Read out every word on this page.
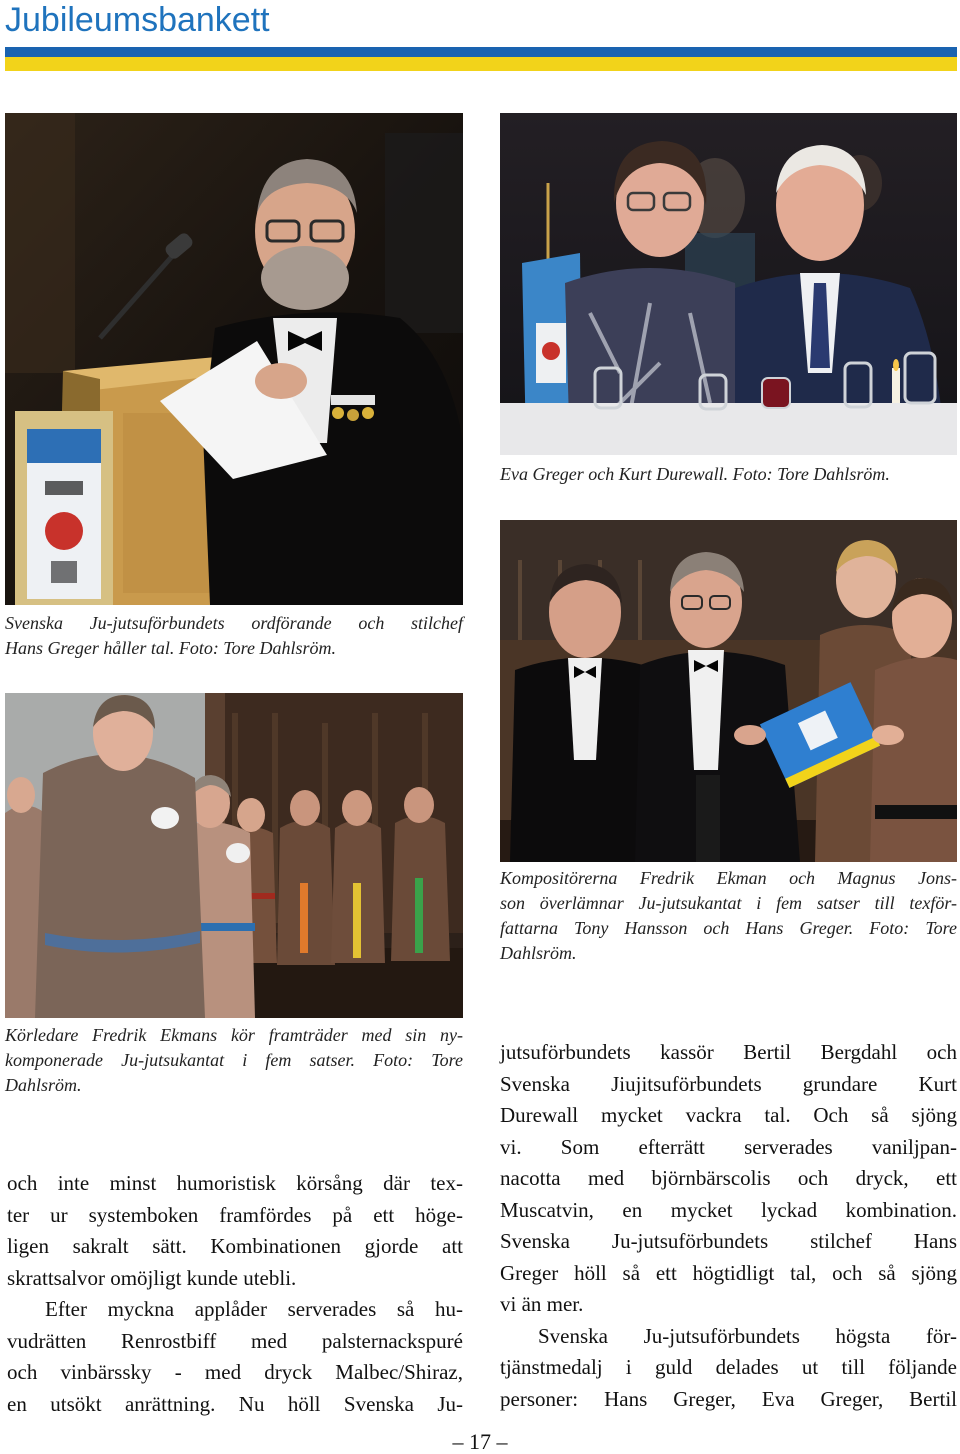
Jubileumsbankett
Svenska Ju-jutsuförbundets ordförande och stilchef
Hans Greger håller tal. Foto: Tore Dahlsröm.
Eva Greger och Kurt Durewall. Foto: Tore Dahlsröm.
Kompositörerna Fredrik Ekman och Magnus Jons-
son överlämnar Ju-jutsukantat i fem satser till texför-
fattarna Tony Hansson och Hans Greger. Foto: Tore
Dahlsröm.
Körledare Fredrik Ekmans kör framträder med sin ny-
komponerade Ju-jutsukantat i fem satser. Foto: Tore
Dahlsröm.
och inte minst humoristisk körsång där tex-
ter ur systemboken framfördes på ett höge-
ligen sakralt sätt. Kombinationen gjorde att
skrattsalvor omöjligt kunde utebli.
Efter myckna applåder serverades så hu-
vudrätten Renrostbiff med palsternackspuré
och vinbärssky - med dryck Malbec/Shiraz,
en utsökt anrättning. Nu höll Svenska Ju-
jutsuförbundets kassör Bertil Bergdahl och
Svenska Jiujitsuförbundets grundare Kurt
Durewall mycket vackra tal. Och så sjöng
vi. Som efterrätt serverades vaniljpan-
nacotta med björnbärscolis och dryck, ett
Muscatvin, en mycket lyckad kombination.
Svenska Ju-jutsuförbundets stilchef Hans
Greger höll så ett högtidligt tal, och så sjöng
vi än mer.
Svenska Ju-jutsuförbundets högsta för-
tjänstmedalj i guld delades ut till följande
personer: Hans Greger, Eva Greger, Bertil
– 17 –
